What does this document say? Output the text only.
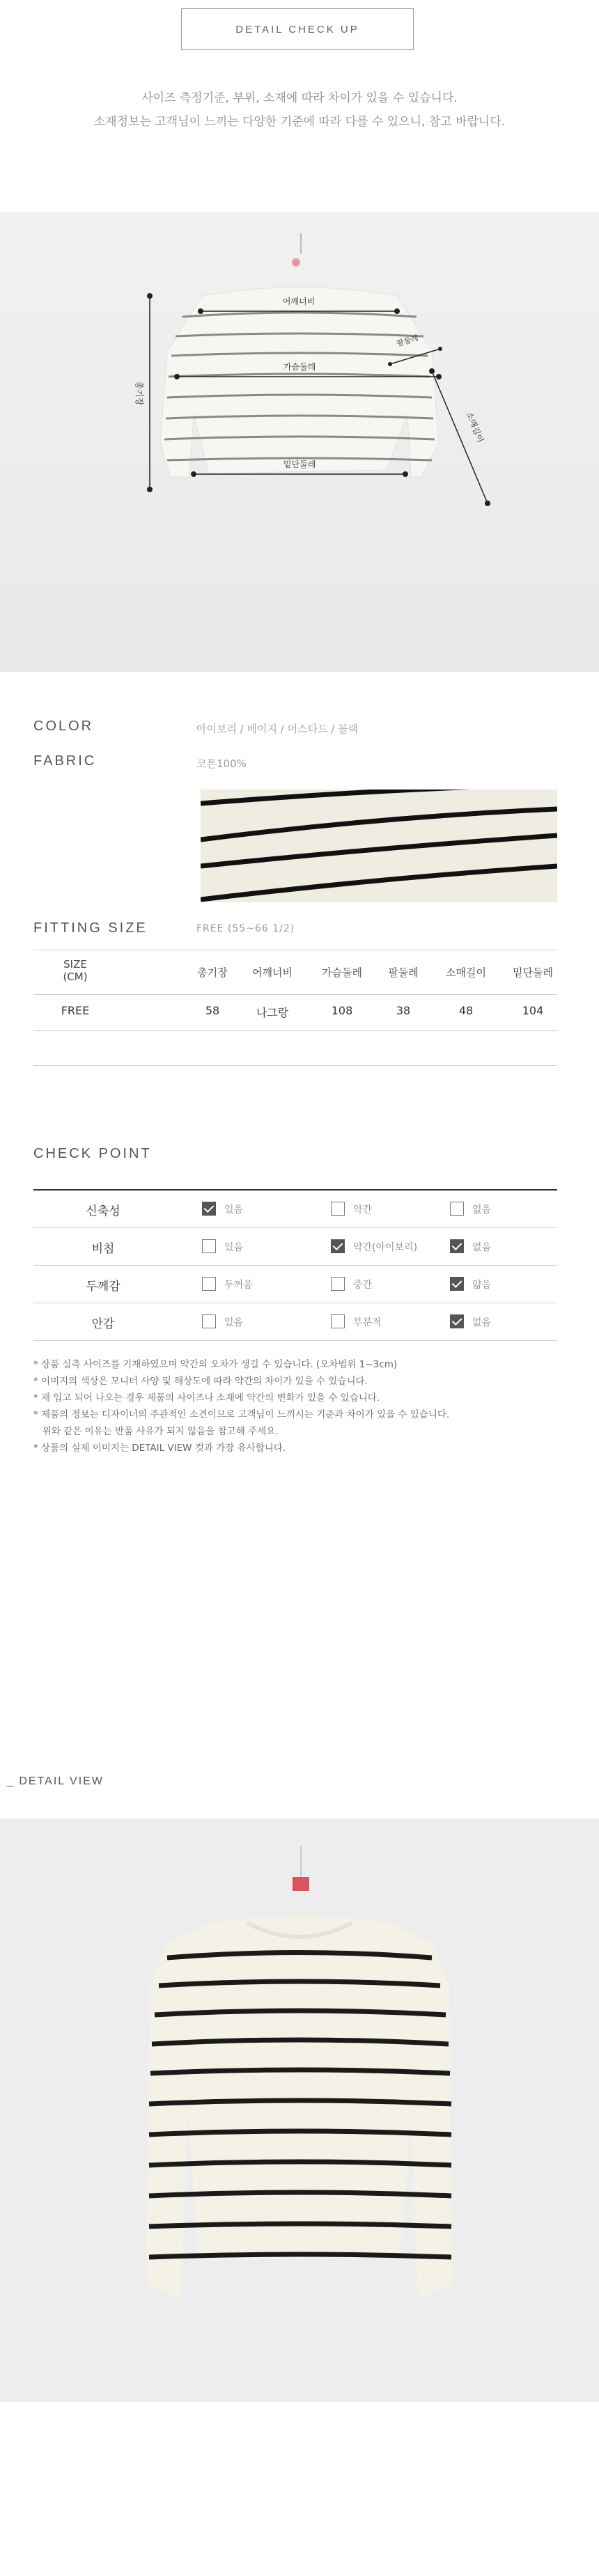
DETAIL CHECK UP
사이즈 측정기준, 부위, 소재에 따라 차이가 있을 수 있습니다.
소재정보는 고객님이 느끼는 다양한 기준에 따라 다를 수 있으니, 참고 바랍니다.
어깨너비
가슴둘레
밑단둘레
총기장
소매길이
팔둘레
COLOR	아이보리 / 베이지 / 머스타드 / 블랙
FABRIC	코튼100%
FITTING SIZE	FREE (55~66 1/2)
SIZE
(CM)	총기장	어깨너비	가슴둘레	팔둘레	소매길이	밑단둘레
FREE	58	나그랑	108	38	48	104
CHECK POINT
신축성	있음	약간	없음
비침	있음	약간(아이보리)	없음
두께감	두꺼움	중간	얇음
안감	있음	부분적	없음
* 상품 실측 사이즈를 기재하였으며 약간의 오차가 생길 수 있습니다. (오차범위 1~3cm)
* 이미지의 색상은 모니터 사양 및 해상도에 따라 약간의 차이가 있을 수 있습니다.
* 재 입고 되어 나오는 경우 제품의 사이즈나 소재에 약간의 변화가 있을 수 있습니다.
* 제품의 정보는 디자이너의 주관적인 소견이므로 고객님이 느끼시는 기준과 차이가 있을 수 있습니다.
위와 같은 이유는 반품 사유가 되지 않음을 참고해 주세요.
* 상품의 실제 이미지는 DETAIL VIEW 컷과 가장 유사합니다.
_ DETAIL VIEW
